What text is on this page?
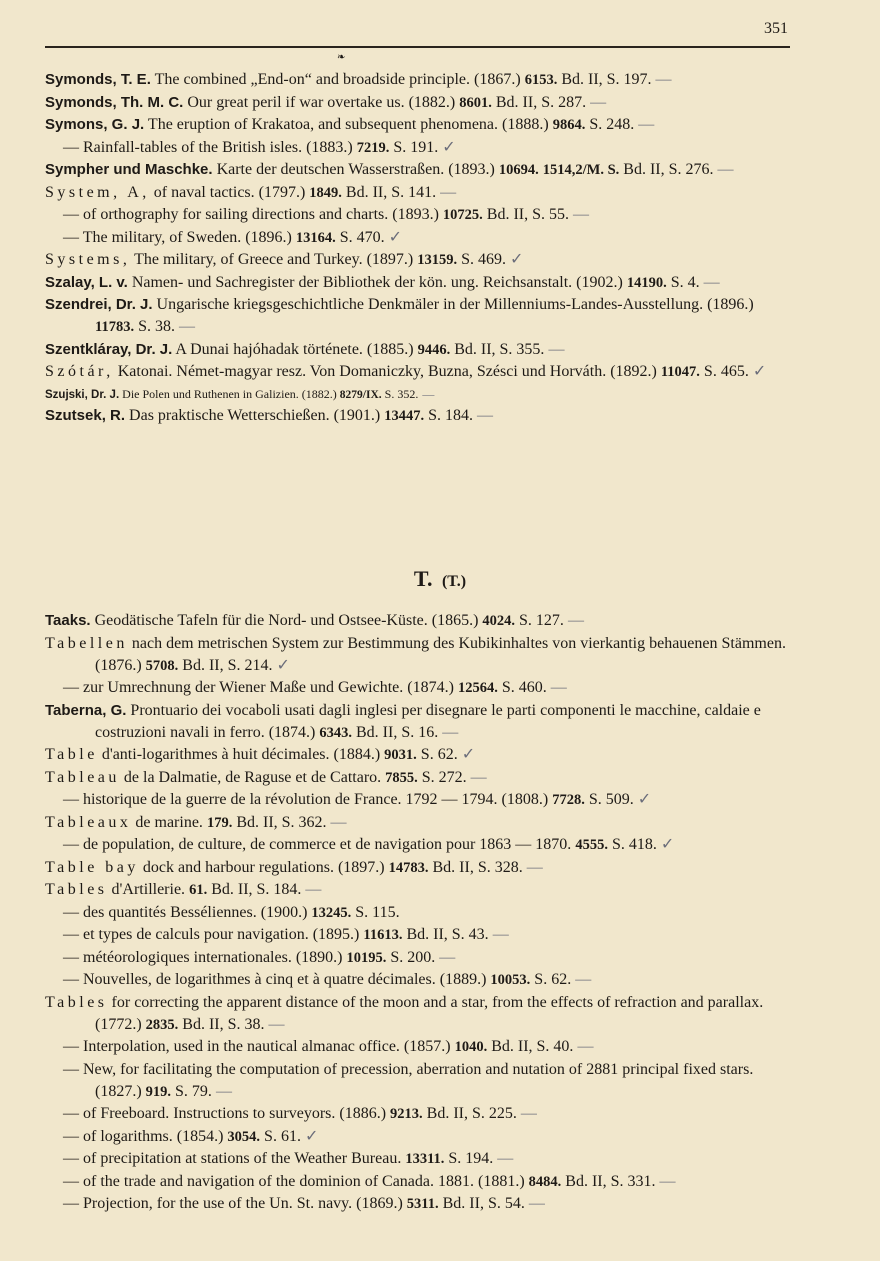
351
❧
Symonds, T. E. The combined „End-on“ and broadside principle. (1867.) 6153. Bd. II, S. 197. —
Symonds, Th. M. C. Our great peril if war overtake us. (1882.) 8601. Bd. II, S. 287. —
Symons, G. J. The eruption of Krakatoa, and subsequent phenomena. (1888.) 9864. S. 248. —
— Rainfall-tables of the British isles. (1883.) 7219. S. 191. ✓
Sympher und Maschke. Karte der deutschen Wasserstraßen. (1893.) 10694. 1514,2/M. S. Bd. II, S. 276. —
System, A, of naval tactics. (1797.) 1849. Bd. II, S. 141. —
— of orthography for sailing directions and charts. (1893.) 10725. Bd. II, S. 55. —
— The military, of Sweden. (1896.) 13164. S. 470. ✓
Systems, The military, of Greece and Turkey. (1897.) 13159. S. 469. ✓
Szalay, L. v. Namen- und Sachregister der Bibliothek der kön. ung. Reichsanstalt. (1902.) 14190. S. 4. —
Szendrei, Dr. J. Ungarische kriegsgeschichtliche Denkmäler in der Millenniums-Landes-Ausstellung. (1896.) 11783. S. 38. —
Szentkláray, Dr. J. A Dunai hajóhadak története. (1885.) 9446. Bd. II, S. 355. —
Szótár, Katonai. Német-magyar resz. Von Domaniczky, Buzna, Szésci und Horváth. (1892.) 11047. S. 465. ✓
Szujski, Dr. J. Die Polen und Ruthenen in Galizien. (1882.) 8279/IX. S. 352. —
Szutsek, R. Das praktische Wetterschießen. (1901.) 13447. S. 184. —
T. (T.)
Taaks. Geodätische Tafeln für die Nord- und Ostsee-Küste. (1865.) 4024. S. 127. —
Tabellen nach dem metrischen System zur Bestimmung des Kubikinhaltes von vierkantig behauenen Stämmen. (1876.) 5708. Bd. II, S. 214. ✓
— zur Umrechnung der Wiener Maße und Gewichte. (1874.) 12564. S. 460. —
Taberna, G. Prontuario dei vocaboli usati dagli inglesi per disegnare le parti componenti le macchine, caldaie e costruzioni navali in ferro. (1874.) 6343. Bd. II, S. 16. —
Table d'anti-logarithmes à huit décimales. (1884.) 9031. S. 62. ✓
Tableau de la Dalmatie, de Raguse et de Cattaro. 7855. S. 272. —
— historique de la guerre de la révolution de France. 1792 — 1794. (1808.) 7728. S. 509. ✓
Tableaux de marine. 179. Bd. II, S. 362. —
— de population, de culture, de commerce et de navigation pour 1863 — 1870. 4555. S. 418. ✓
Table bay dock and harbour regulations. (1897.) 14783. Bd. II, S. 328. —
Tables d'Artillerie. 61. Bd. II, S. 184. —
— des quantités Besséliennes. (1900.) 13245. S. 115.
— et types de calculs pour navigation. (1895.) 11613. Bd. II, S. 43. —
— météorologiques internationales. (1890.) 10195. S. 200. —
— Nouvelles, de logarithmes à cinq et à quatre décimales. (1889.) 10053. S. 62. —
Tables for correcting the apparent distance of the moon and a star, from the effects of refraction and parallax. (1772.) 2835. Bd. II, S. 38. —
— Interpolation, used in the nautical almanac office. (1857.) 1040. Bd. II, S. 40. —
— New, for facilitating the computation of precession, aberration and nutation of 2881 principal fixed stars. (1827.) 919. S. 79. —
— of Freeboard. Instructions to surveyors. (1886.) 9213. Bd. II, S. 225. —
— of logarithms. (1854.) 3054. S. 61. ✓
— of precipitation at stations of the Weather Bureau. 13311. S. 194. —
— of the trade and navigation of the dominion of Canada. 1881. (1881.) 8484. Bd. II, S. 331. —
— Projection, for the use of the Un. St. navy. (1869.) 5311. Bd. II, S. 54. —
